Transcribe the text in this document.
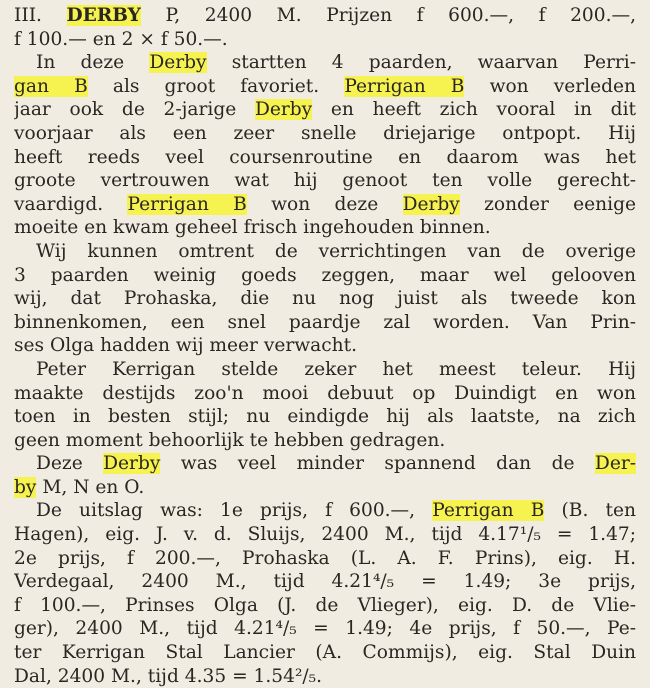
III. DERBY P, 2400 M. Prijzen f 600.—, f 200.—,
f 100.— en 2 × f 50.—.
In deze Derby startten 4 paarden, waarvan Perri-
gan B als groot favoriet. Perrigan B won verleden
jaar ook de 2-jarige Derby en heeft zich vooral in dit
voorjaar als een zeer snelle driejarige ontpopt. Hij
heeft reeds veel coursenroutine en daarom was het
groote vertrouwen wat hij genoot ten volle gerecht-
vaardigd. Perrigan B won deze Derby zonder eenige
moeite en kwam geheel frisch ingehouden binnen.
Wij kunnen omtrent de verrichtingen van de overige
3 paarden weinig goeds zeggen, maar wel gelooven
wij, dat Prohaska, die nu nog juist als tweede kon
binnenkomen, een snel paardje zal worden. Van Prin-
ses Olga hadden wij meer verwacht.
Peter Kerrigan stelde zeker het meest teleur. Hij
maakte destijds zoo'n mooi debuut op Duindigt en won
toen in besten stijl; nu eindigde hij als laatste, na zich
geen moment behoorlijk te hebben gedragen.
Deze Derby was veel minder spannend dan de Der-
by M, N en O.
De uitslag was: 1e prijs, f 600.—, Perrigan B (B. ten
Hagen), eig. J. v. d. Sluijs, 2400 M., tijd 4.17¹/₅ = 1.47;
2e prijs, f 200.—, Prohaska (L. A. F. Prins), eig. H.
Verdegaal, 2400 M., tijd 4.21⁴/₅ = 1.49; 3e prijs,
f 100.—, Prinses Olga (J. de Vlieger), eig. D. de Vlie-
ger), 2400 M., tijd 4.21⁴/₅ = 1.49; 4e prijs, f 50.—, Pe-
ter Kerrigan Stal Lancier (A. Commijs), eig. Stal Duin
Dal, 2400 M., tijd 4.35 = 1.54²/₅.
